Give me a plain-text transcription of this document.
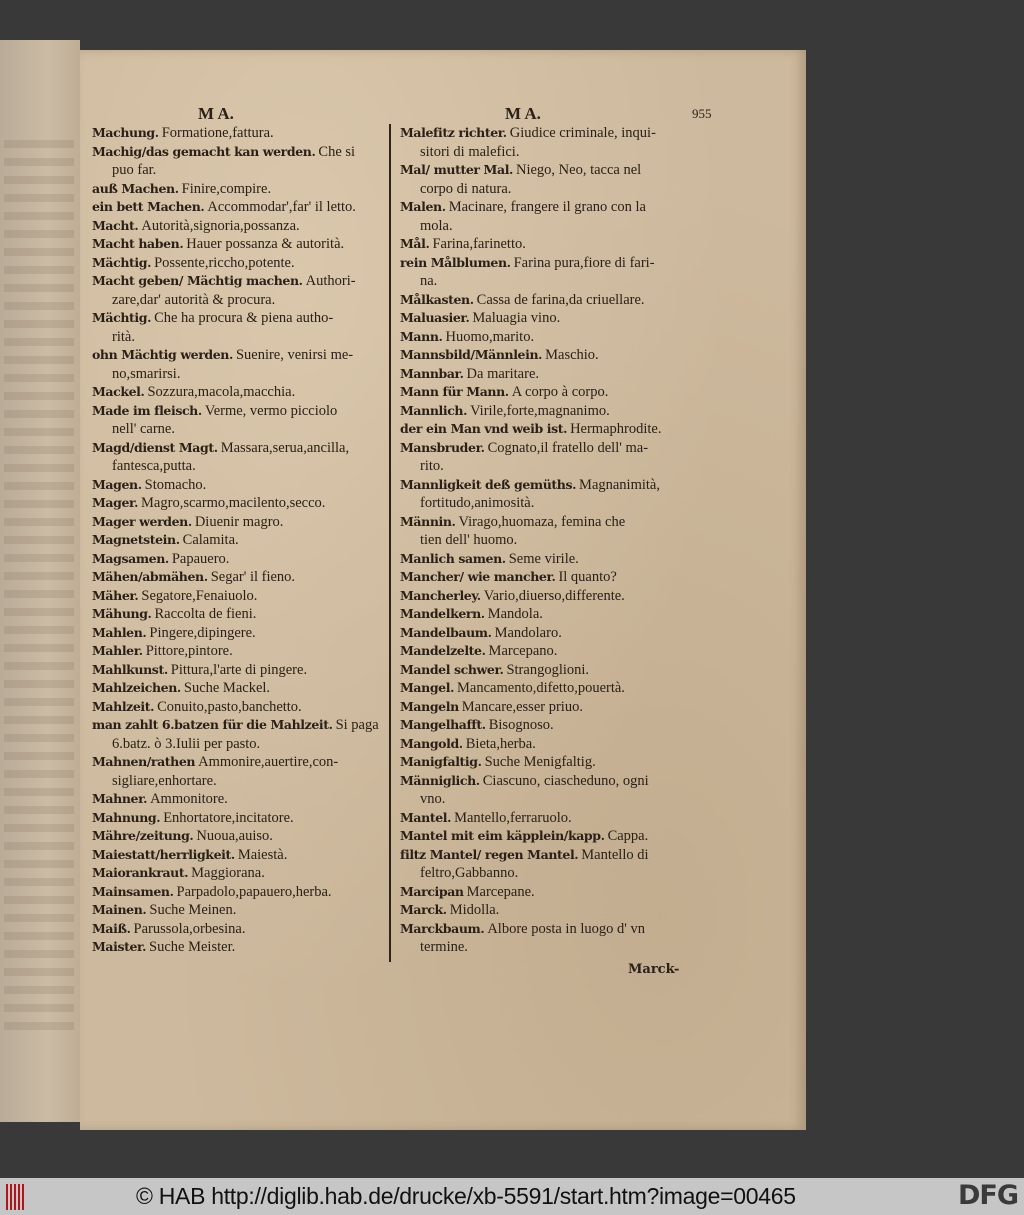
M A.	M A.	955
Machung. Formatione,fattura.
Machig/das gemacht kan werden. Che si
puo far.
auß Machen. Finire,compire.
ein bett Machen. Accommodar',far' il letto.
Macht. Autorità,signoria,possanza.
Macht haben. Hauer possanza & autorità.
Mächtig. Possente,riccho,potente.
Macht geben/ Mächtig machen. Authori-
zare,dar' autorità & procura.
Mächtig. Che ha procura & piena autho-
rità.
ohn Mächtig werden. Suenire, venirsi me-
no,smarirsi.
Mackel. Sozzura,macola,macchia.
Made im fleisch. Verme, vermo picciolo
nell' carne.
Magd/dienst Magt. Massara,serua,ancilla,
fantesca,putta.
Magen. Stomacho.
Mager. Magro,scarmo,macilento,secco.
Mager werden. Diuenir magro.
Magnetstein. Calamita.
Magsamen. Papauero.
Mähen/abmähen. Segar' il fieno.
Mäher. Segatore,Fenaiuolo.
Mähung. Raccolta de fieni.
Mahlen. Pingere,dipingere.
Mahler. Pittore,pintore.
Mahlkunst. Pittura,l'arte di pingere.
Mahlzeichen. Suche Mackel.
Mahlzeit. Conuito,pasto,banchetto.
man zahlt 6.batzen für die Mahlzeit. Si paga
6.batz. ò 3.Iulii per pasto.
Mahnen/rathen Ammonire,auertire,con-
sigliare,enhortare.
Mahner. Ammonitore.
Mahnung. Enhortatore,incitatore.
Mähre/zeitung. Nuoua,auiso.
Maiestatt/herrligkeit. Maiestà.
Maiorankraut. Maggiorana.
Mainsamen. Parpadolo,papauero,herba.
Mainen. Suche Meinen.
Maiß. Parussola,orbesina.
Maister. Suche Meister.
Malefitz richter. Giudice criminale, inqui-
sitori di malefici.
Mal/ mutter Mal. Niego, Neo, tacca nel
corpo di natura.
Malen. Macinare, frangere il grano con la
mola.
Mål. Farina,farinetto.
rein Målblumen. Farina pura,fiore di fari-
na.
Målkasten. Cassa de farina,da criuellare.
Maluasier. Maluagia vino.
Mann. Huomo,marito.
Mannsbild/Männlein. Maschio.
Mannbar. Da maritare.
Mann für Mann. A corpo à corpo.
Mannlich. Virile,forte,magnanimo.
der ein Man vnd weib ist. Hermaphrodite.
Mansbruder. Cognato,il fratello dell' ma-
rito.
Mannligkeit deß gemüths. Magnanimità,
fortitudo,animosità.
Männin. Virago,huomaza, femina che
tien dell' huomo.
Manlich samen. Seme virile.
Mancher/ wie mancher. Il quanto?
Mancherley. Vario,diuerso,differente.
Mandelkern. Mandola.
Mandelbaum. Mandolaro.
Mandelzelte. Marcepano.
Mandel schwer. Strangoglioni.
Mangel. Mancamento,difetto,pouertà.
Mangeln Mancare,esser priuo.
Mangelhafft. Bisognoso.
Mangold. Bieta,herba.
Manigfaltig. Suche Menigfaltig.
Männiglich. Ciascuno, ciascheduno, ogni
vno.
Mantel. Mantello,ferraruolo.
Mantel mit eim käpplein/kapp. Cappa.
filtz Mantel/ regen Mantel. Mantello di
feltro,Gabbanno.
Marcipan Marcepane.
Marck. Midolla.
Marckbaum. Albore posta in luogo d' vn
termine.
Marck-
© HAB http://diglib.hab.de/drucke/xb-5591/start.htm?image=00465	DFG
